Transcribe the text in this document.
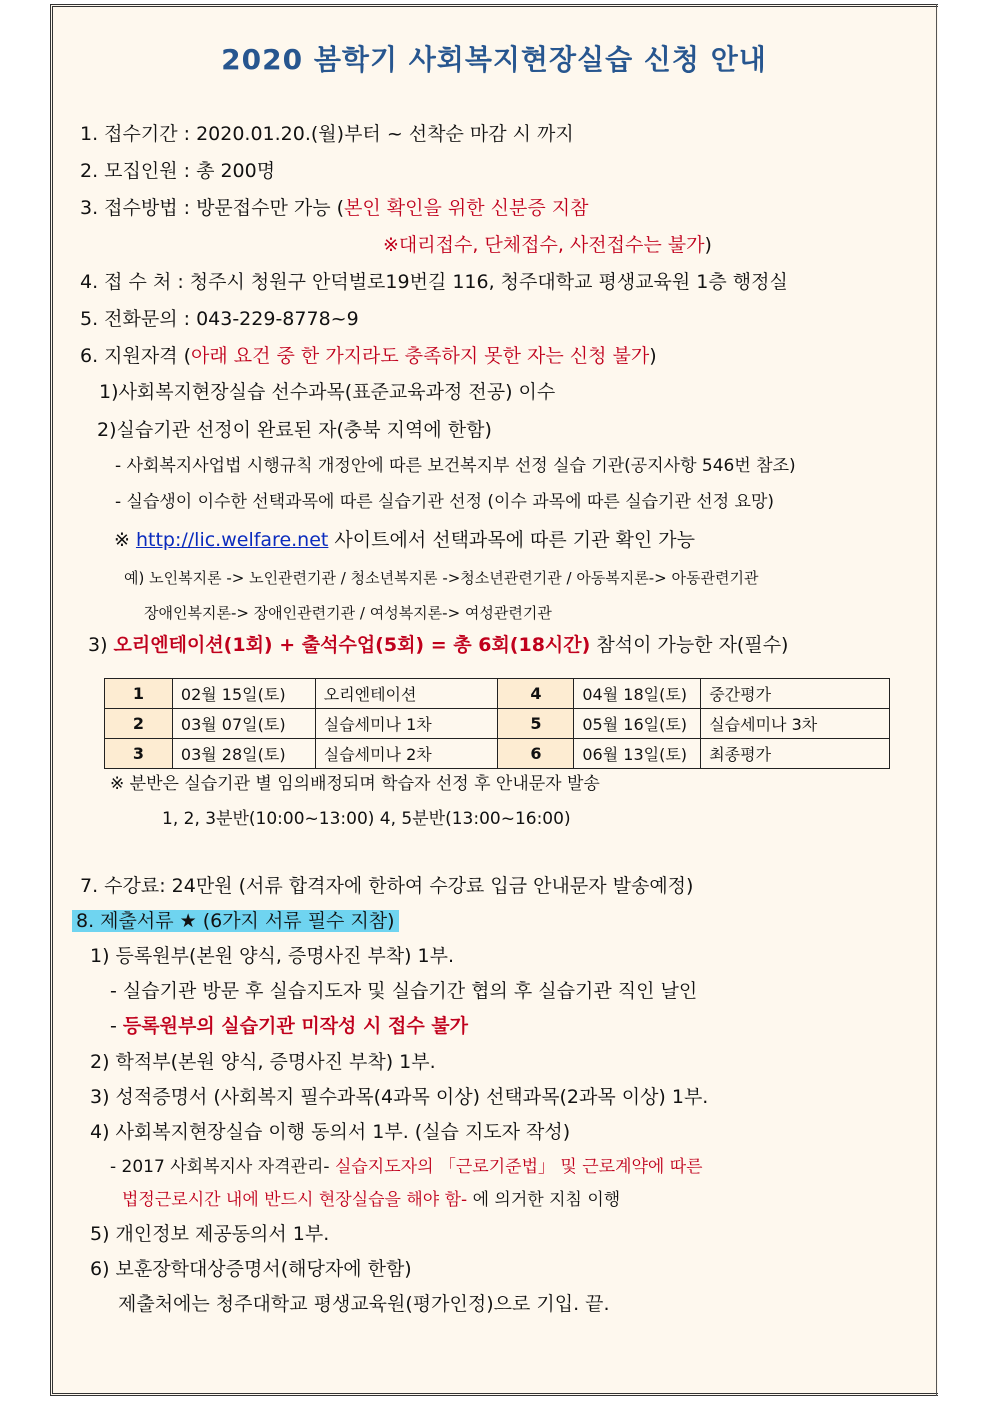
2020 봄학기 사회복지현장실습 신청 안내
1. 접수기간 : 2020.01.20.(월)부터 ~ 선착순 마감 시 까지
2. 모집인원 : 총 200명
3. 접수방법 : 방문접수만 가능 (본인 확인을 위한 신분증 지참
※대리접수, 단체접수, 사전접수는 불가)
4. 접 수 처 : 청주시 청원구 안덕벌로19번길 116, 청주대학교 평생교육원 1층 행정실
5. 전화문의 : 043-229-8778~9
6. 지원자격 (아래 요건 중 한 가지라도 충족하지 못한 자는 신청 불가)
1)사회복지현장실습 선수과목(표준교육과정 전공) 이수
2)실습기관 선정이 완료된 자(충북 지역에 한함)
- 사회복지사업법 시행규칙 개정안에 따른 보건복지부 선정 실습 기관(공지사항 546번 참조)
- 실습생이 이수한 선택과목에 따른 실습기관 선정 (이수 과목에 따른 실습기관 선정 요망)
※ http://lic.welfare.net 사이트에서 선택과목에 따른 기관 확인 가능
예) 노인복지론 -> 노인관련기관 / 청소년복지론 ->청소년관련기관 / 아동복지론-> 아동관련기관
장애인복지론-> 장애인관련기관 / 여성복지론-> 여성관련기관
3) 오리엔테이션(1회) + 출석수업(5회) = 총 6회(18시간) 참석이 가능한 자(필수)
1	02월 15일(토)	오리엔테이션	4	04월 18일(토)	중간평가
2	03월 07일(토)	실습세미나 1차	5	05월 16일(토)	실습세미나 3차
3	03월 28일(토)	실습세미나 2차	6	06월 13일(토)	최종평가
※ 분반은 실습기관 별 임의배정되며 학습자 선정 후 안내문자 발송
1, 2, 3분반(10:00~13:00) 4, 5분반(13:00~16:00)
7. 수강료: 24만원 (서류 합격자에 한하여 수강료 입금 안내문자 발송예정)
8. 제출서류 ★ (6가지 서류 필수 지참)
1) 등록원부(본원 양식, 증명사진 부착) 1부.
- 실습기관 방문 후 실습지도자 및 실습기간 협의 후 실습기관 직인 날인
- 등록원부의 실습기관 미작성 시 접수 불가
2) 학적부(본원 양식, 증명사진 부착) 1부.
3) 성적증명서 (사회복지 필수과목(4과목 이상) 선택과목(2과목 이상) 1부.
4) 사회복지현장실습 이행 동의서 1부. (실습 지도자 작성)
- 2017 사회복지사 자격관리- 실습지도자의 「근로기준법」 및 근로계약에 따른
법정근로시간 내에 반드시 현장실습을 해야 함- 에 의거한 지침 이행
5) 개인정보 제공동의서 1부.
6) 보훈장학대상증명서(해당자에 한함)
제출처에는 청주대학교 평생교육원(평가인정)으로 기입. 끝.
